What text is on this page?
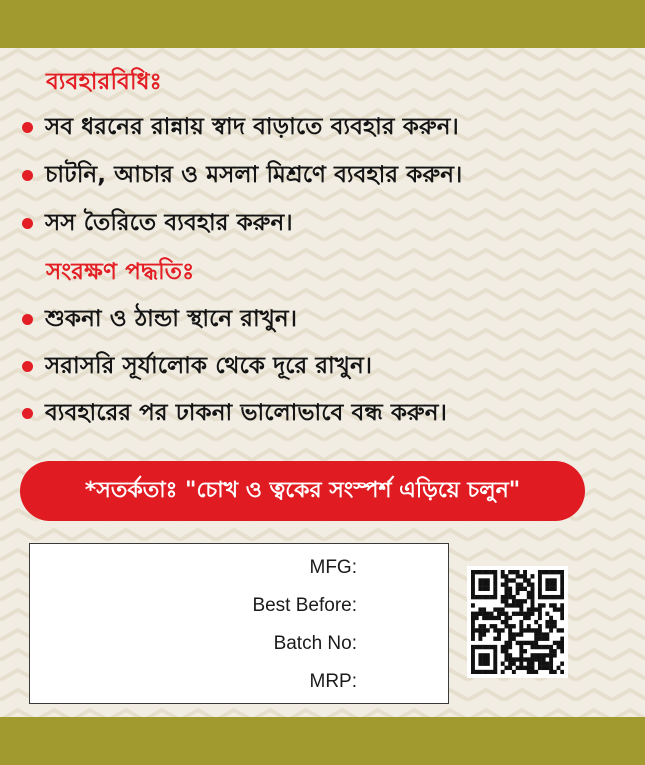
ব্যবহারবিধিঃ
সব ধরনের রান্নায় স্বাদ বাড়াতে ব্যবহার করুন।
চাটনি, আচার ও মসলা মিশ্রণে ব্যবহার করুন।
সস তৈরিতে ব্যবহার করুন।
সংরক্ষণ পদ্ধতিঃ
শুকনা ও ঠান্ডা স্থানে রাখুন।
সরাসরি সূর্যালোক থেকে দূরে রাখুন।
ব্যবহারের পর ঢাকনা ভালোভাবে বন্ধ করুন।
*সতর্কতাঃ "চোখ ও ত্বকের সংস্পর্শ এড়িয়ে চলুন"
MFG:
Best Before:
Batch No:
MRP:
